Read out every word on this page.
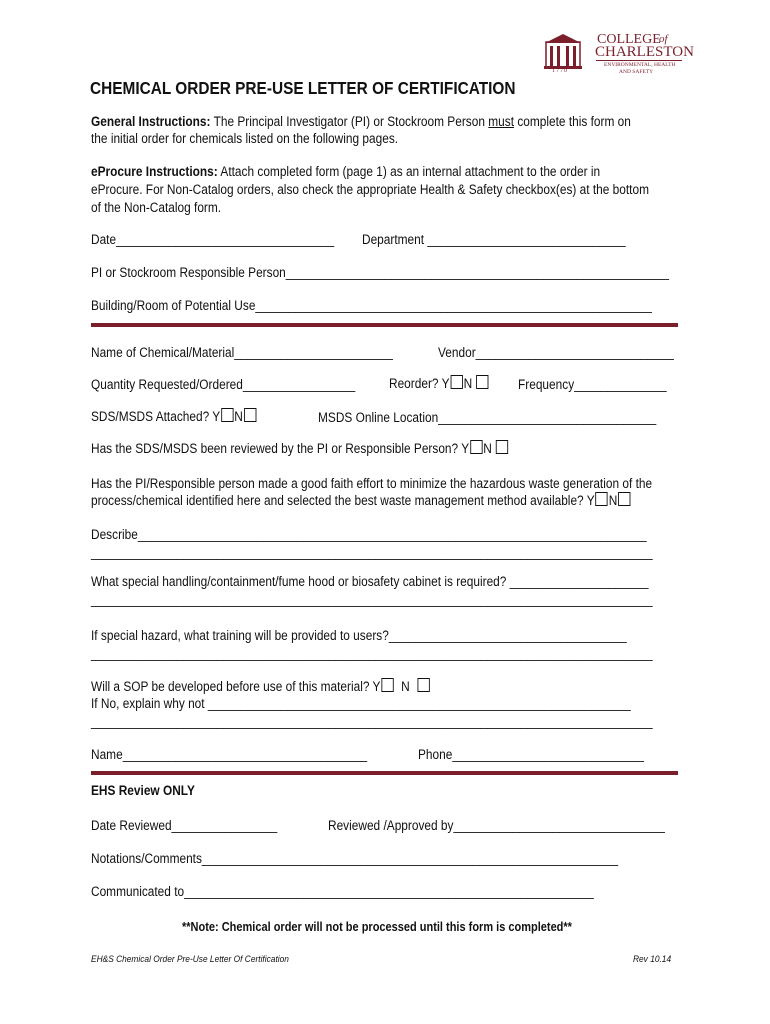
1770
COLLEGE
of
CHARLESTON
ENVIRONMENTAL, HEALTH
AND SAFETY
CHEMICAL ORDER PRE-USE LETTER OF CERTIFICATION
General Instructions: The Principal Investigator (PI) or Stockroom Person must complete this form on
the initial order for chemicals listed on the following pages.
eProcure Instructions: Attach completed form (page 1) as an internal attachment to the order in
eProcure. For Non-Catalog orders, also check the appropriate Health & Safety checkbox(es) at the bottom
of the Non-Catalog form.
Date_________________________________ Department ______________________________
PI or Stockroom Responsible Person__________________________________________________________
Building/Room of Potential Use____________________________________________________________
Name of Chemical/Material________________________	Vendor______________________________
Quantity Requested/Ordered_________________	Reorder? Y N	Frequency______________
SDS/MSDS Attached? Y N	MSDS Online Location_________________________________
Has the SDS/MSDS been reviewed by the PI or Responsible Person? Y N
Has the PI/Responsible person made a good faith effort to minimize the hazardous waste generation of the
process/chemical identified here and selected the best waste management method available? Y N
Describe_____________________________________________________________________________
_____________________________________________________________________________________
What special handling/containment/fume hood or biosafety cabinet is required? _____________________
_____________________________________________________________________________________
If special hazard, what training will be provided to users?____________________________________
_____________________________________________________________________________________
Will a SOP be developed before use of this material? Y N
If No, explain why not ________________________________________________________________
_____________________________________________________________________________________
Name_____________________________________	Phone_____________________________
EHS Review ONLY
Date Reviewed________________	Reviewed /Approved by________________________________
Notations/Comments_______________________________________________________________
Communicated to______________________________________________________________
**Note: Chemical order will not be processed until this form is completed**
EH&S Chemical Order Pre-Use Letter Of Certification	Rev 10.14
